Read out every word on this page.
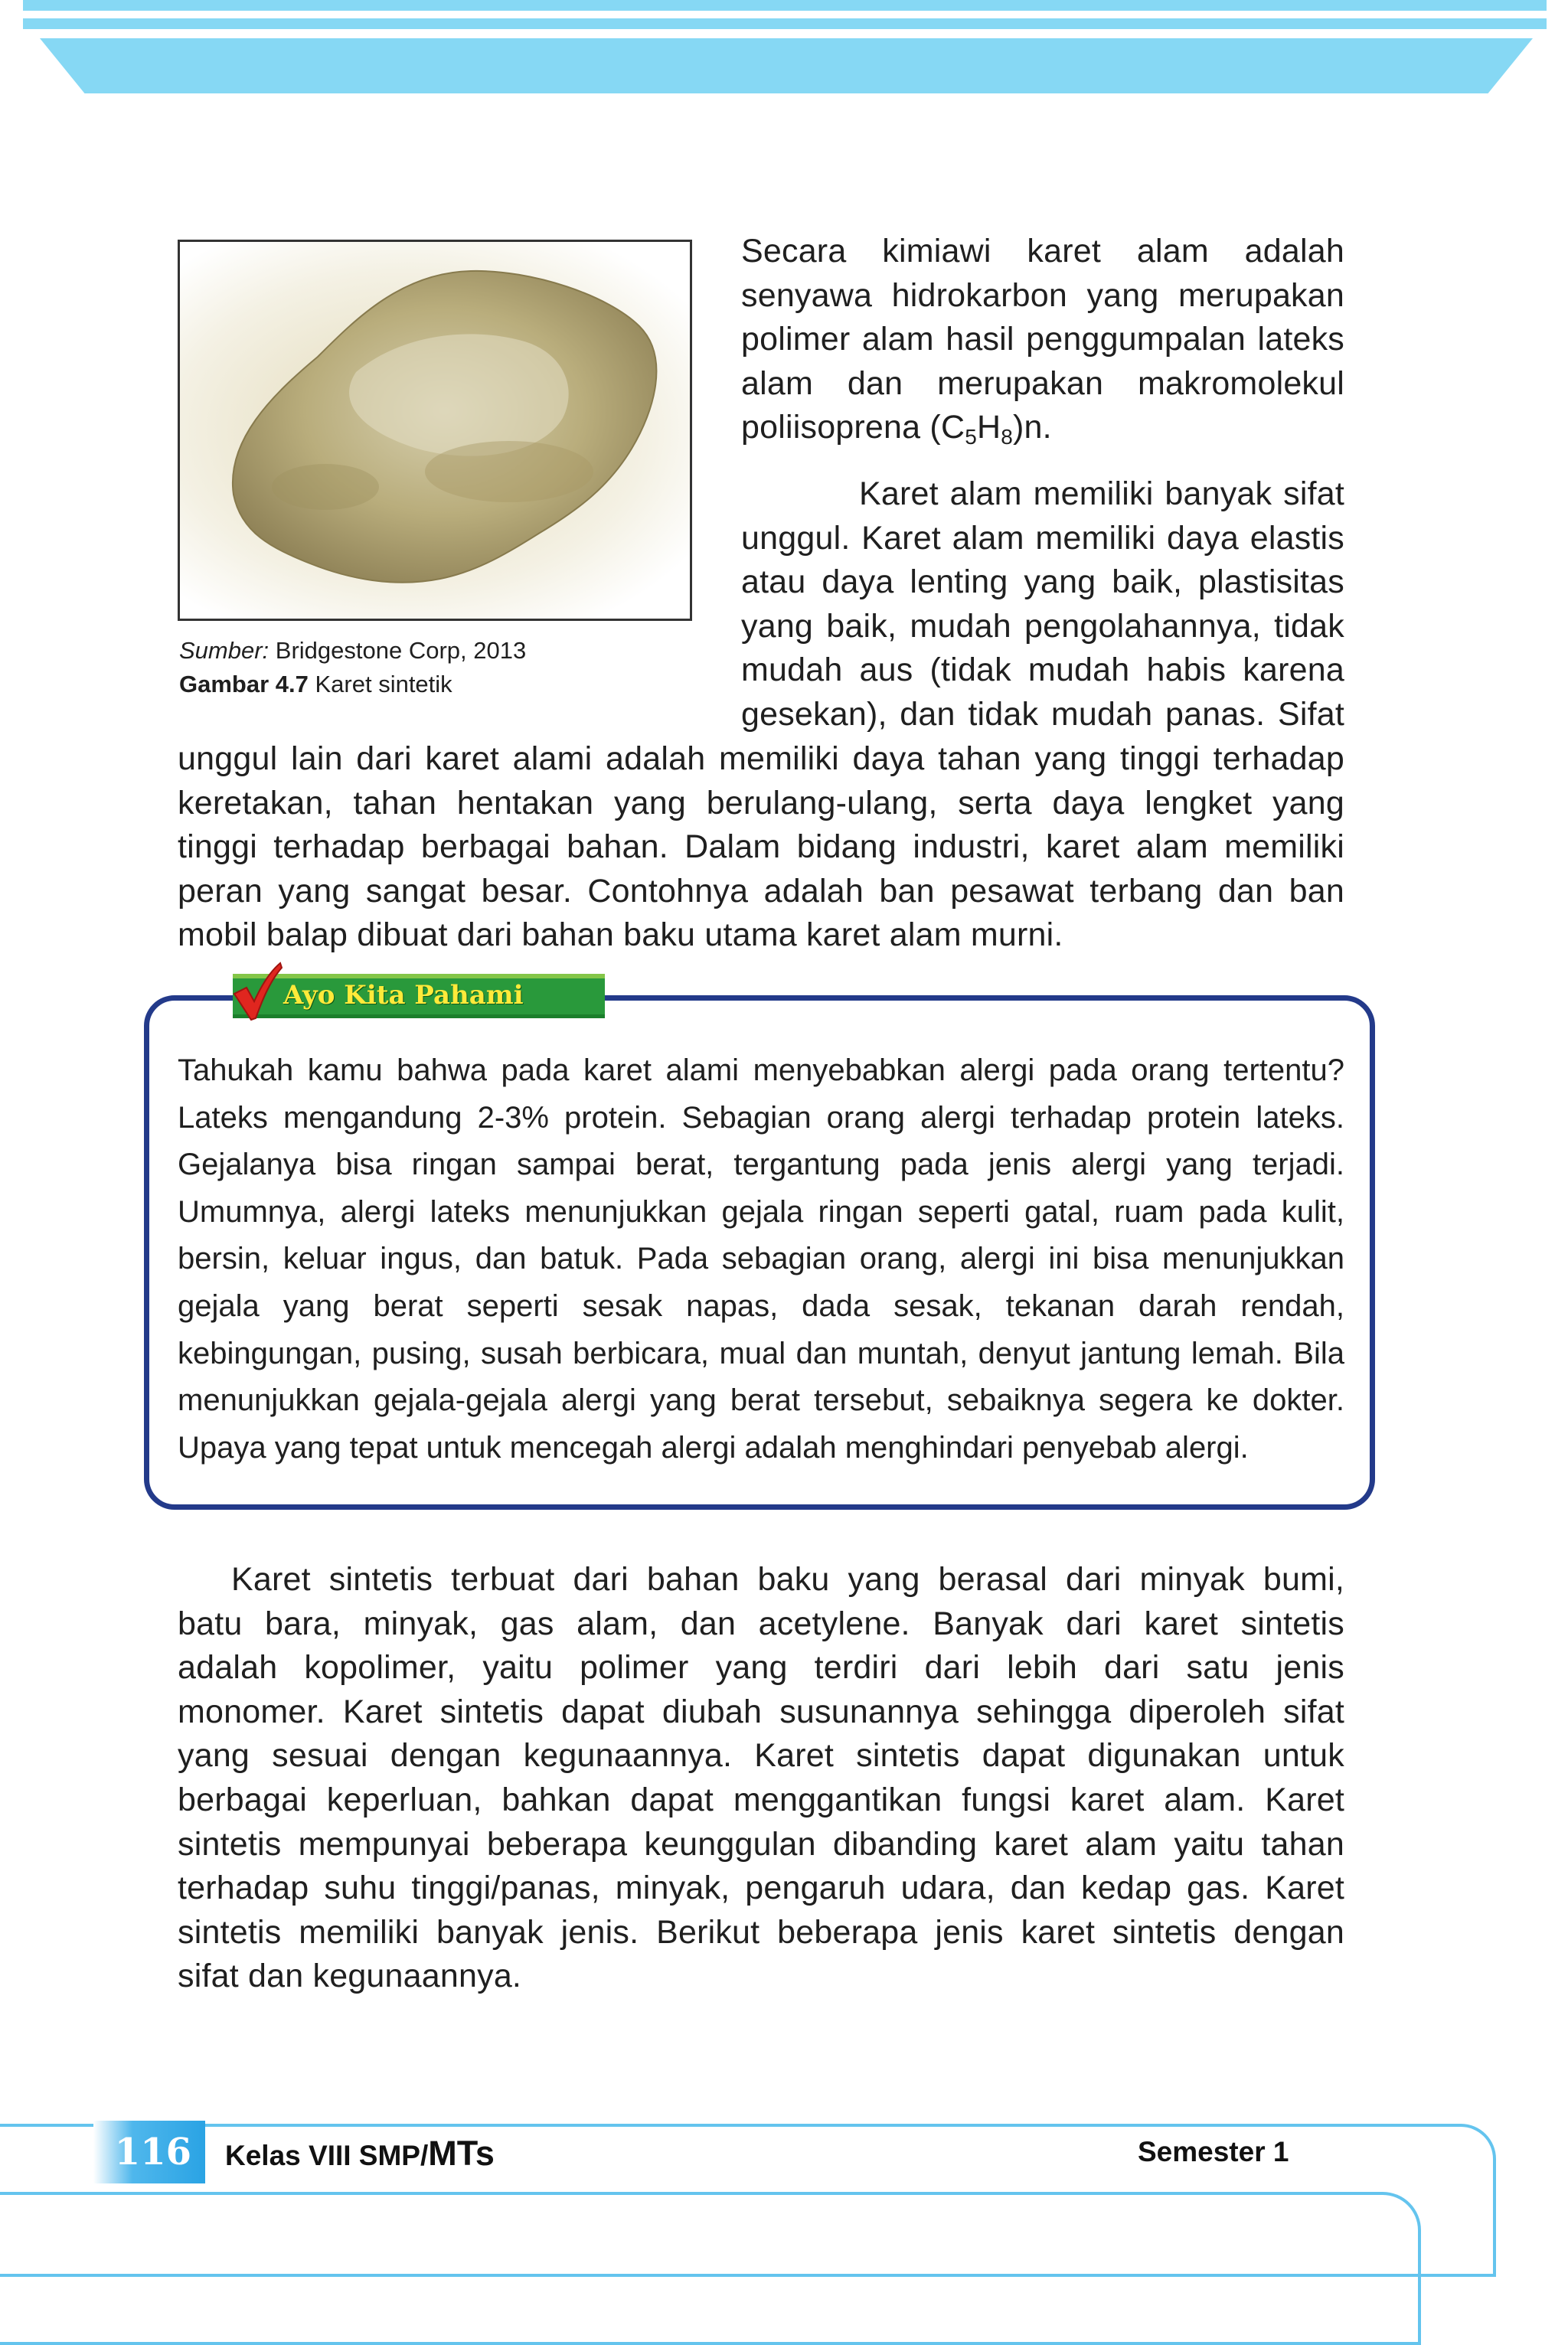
Sumber: Bridgestone Corp, 2013
Gambar 4.7 Karet sintetik
Secara kimiawi karet alam adalah
senyawa hidrokarbon yang merupakan
polimer alam hasil penggumpalan lateks
alam dan merupakan makromolekul
poliisoprena $(C_5H_8)n$.
Karet alam memiliki banyak sifat
unggul. Karet alam memiliki daya elastis
atau daya lenting yang baik, plastisitas
yang baik, mudah pengolahannya, tidak
mudah aus (tidak mudah habis karena
gesekan), dan tidak mudah panas. Sifat
unggul lain dari karet alami adalah memiliki daya tahan yang tinggi terhadap
keretakan, tahan hentakan yang berulang-ulang, serta daya lengket yang
tinggi terhadap berbagai bahan. Dalam bidang industri, karet alam memiliki
peran yang sangat besar. Contohnya adalah ban pesawat terbang dan ban
mobil balap dibuat dari bahan baku utama karet alam murni.
Ayo Kita Pahami

Tahukah kamu bahwa pada karet alami menyebabkan alergi pada orang tertentu?

Lateks mengandung 2-3% protein. Sebagian orang alergi terhadap protein lateks.

Gejalanya bisa ringan sampai berat, tergantung pada jenis alergi yang terjadi.

Umumnya, alergi lateks menunjukkan gejala ringan seperti gatal, ruam pada kulit,

bersin, keluar ingus, dan batuk. Pada sebagian orang, alergi ini bisa menunjukkan

gejala yang berat seperti sesak napas, dada sesak, tekanan darah rendah,

kebingungan, pusing, susah berbicara, mual dan muntah, denyut jantung lemah. Bila

menunjukkan gejala-gejala alergi yang berat tersebut, sebaiknya segera ke dokter.

Upaya yang tepat untuk mencegah alergi adalah menghindari penyebab alergi.

Karet sintetis terbuat dari bahan baku yang berasal dari minyak bumi,
batu bara, minyak, gas alam, dan acetylene. Banyak dari karet sintetis
adalah kopolimer, yaitu polimer yang terdiri dari lebih dari satu jenis
monomer. Karet sintetis dapat diubah susunannya sehingga diperoleh sifat
yang sesuai dengan kegunaannya. Karet sintetis dapat digunakan untuk
berbagai keperluan, bahkan dapat menggantikan fungsi karet alam. Karet
sintetis mempunyai beberapa keunggulan dibanding karet alam yaitu tahan
terhadap suhu tinggi/panas, minyak, pengaruh udara, dan kedap gas. Karet
sintetis memiliki banyak jenis. Berikut beberapa jenis karet sintetis dengan
sifat dan kegunaannya.
116	Kelas VIII SMP/MTs	Semester 1
